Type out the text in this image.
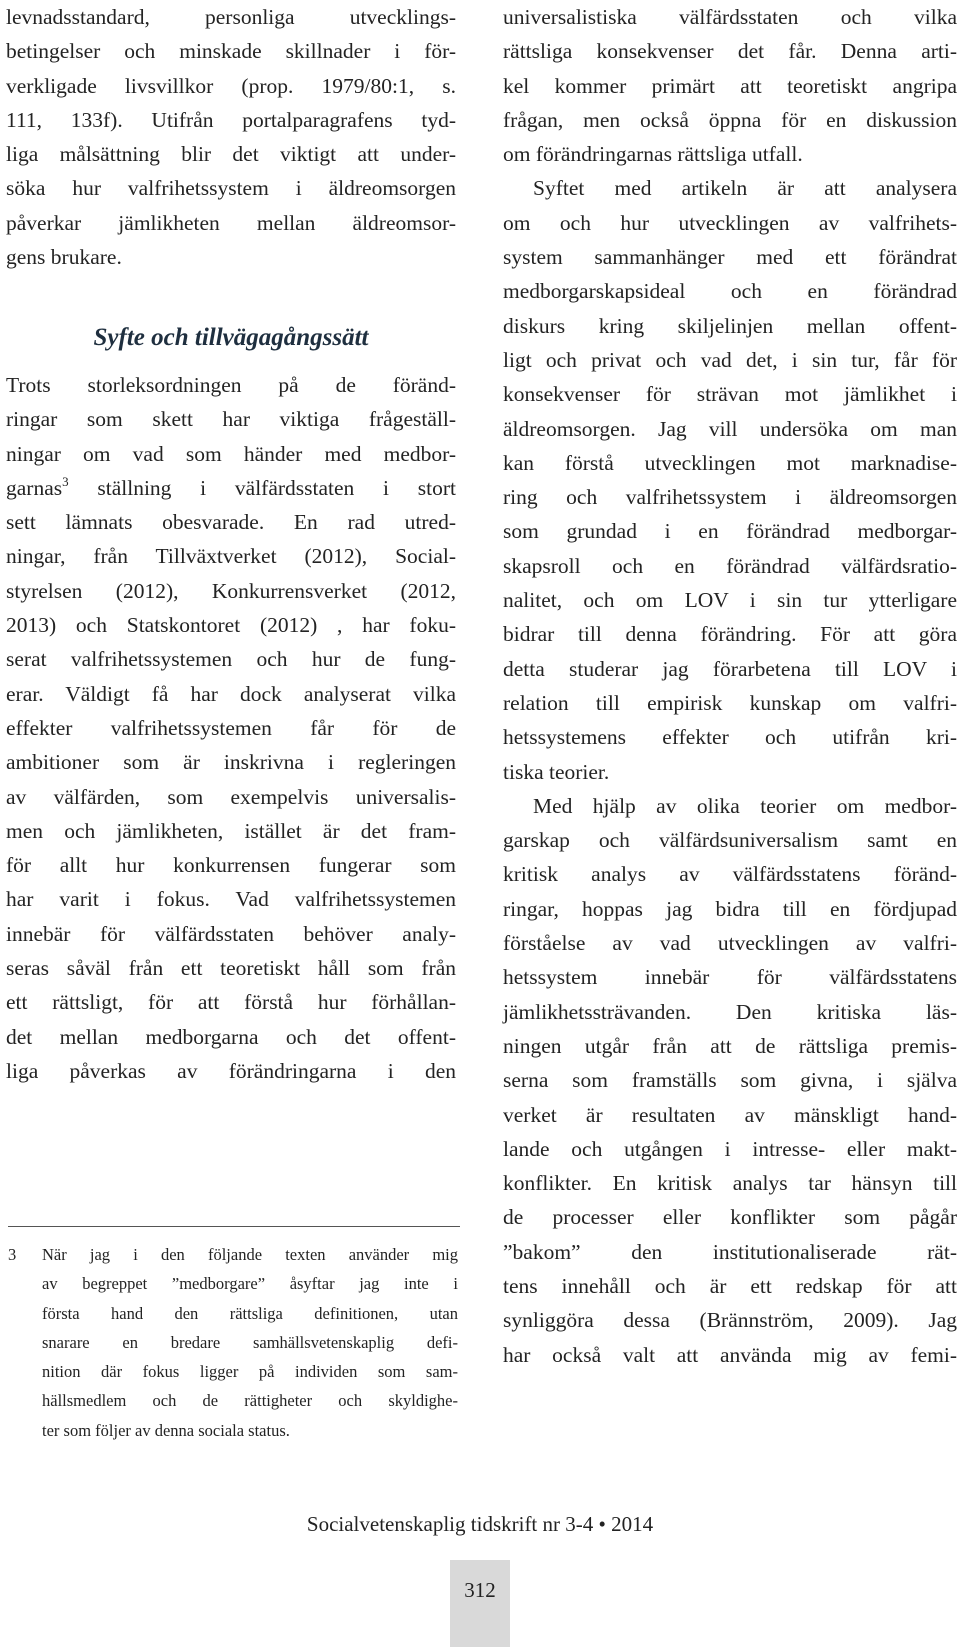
levnadsstandard, personliga utvecklings-
betingelser och minskade skillnader i för-
verkligade livsvillkor (prop. 1979/80:1, s.
111, 133f). Utifrån portalparagrafens tyd-
liga målsättning blir det viktigt att under-
söka hur valfrihetssystem i äldreomsorgen
påverkar jämlikheten mellan äldreomsor-
gens brukare.
Syfte och tillvägagångssätt
Trots storleksordningen på de föränd-
ringar som skett har viktiga frågeställ-
ningar om vad som händer med medbor-
garnas$^3$ ställning i välfärdsstaten i stort
sett lämnats obesvarade. En rad utred-
ningar, från Tillväxtverket (2012), Social-
styrelsen (2012), Konkurrensverket (2012,
2013) och Statskontoret (2012) , har foku-
serat valfrihetssystemen och hur de fung-
erar. Väldigt få har dock analyserat vilka
effekter valfrihetssystemen får för de
ambitioner som är inskrivna i regleringen
av välfärden, som exempelvis universalis-
men och jämlikheten, istället är det fram-
för allt hur konkurrensen fungerar som
har varit i fokus. Vad valfrihetssystemen
innebär för välfärdsstaten behöver analy-
seras såväl från ett teoretiskt håll som från
ett rättsligt, för att förstå hur förhållan-
det mellan medborgarna och det offent-
liga påverkas av förändringarna i den
3	När jag i den följande texten använder mig
av begreppet ”medborgare” åsyftar jag inte i
första hand den rättsliga definitionen, utan
snarare en bredare samhällsvetenskaplig defi-
nition där fokus ligger på individen som sam-
hällsmedlem och de rättigheter och skyldighe-
ter som följer av denna sociala status.
universalistiska välfärdsstaten och vilka
rättsliga konsekvenser det får. Denna arti-
kel kommer primärt att teoretiskt angripa
frågan, men också öppna för en diskussion
om förändringarnas rättsliga utfall.
Syftet med artikeln är att analysera
om och hur utvecklingen av valfrihets-
system sammanhänger med ett förändrat
medborgarskapsideal och en förändrad
diskurs kring skiljelinjen mellan offent-
ligt och privat och vad det, i sin tur, får för
konsekvenser för strävan mot jämlikhet i
äldreomsorgen. Jag vill undersöka om man
kan förstå utvecklingen mot marknadise-
ring och valfrihetssystem i äldreomsorgen
som grundad i en förändrad medborgar-
skapsroll och en förändrad välfärdsratio-
nalitet, och om LOV i sin tur ytterligare
bidrar till denna förändring. För att göra
detta studerar jag förarbetena till LOV i
relation till empirisk kunskap om valfri-
hetssystemens effekter och utifrån kri-
tiska teorier.
Med hjälp av olika teorier om medbor-
garskap och välfärdsuniversalism samt en
kritisk analys av välfärdsstatens föränd-
ringar, hoppas jag bidra till en fördjupad
förståelse av vad utvecklingen av valfri-
hetssystem innebär för välfärdsstatens
jämlikhetssträvanden. Den kritiska läs-
ningen utgår från att de rättsliga premis-
serna som framställs som givna, i själva
verket är resultaten av mänskligt hand-
lande och utgången i intresse- eller makt-
konflikter. En kritisk analys tar hänsyn till
de processer eller konflikter som pågår
”bakom” den institutionaliserade rät-
tens innehåll och är ett redskap för att
synliggöra dessa (Brännström, 2009). Jag
har också valt att använda mig av femi-
Socialvetenskaplig tidskrift nr 3-4 • 2014
312
